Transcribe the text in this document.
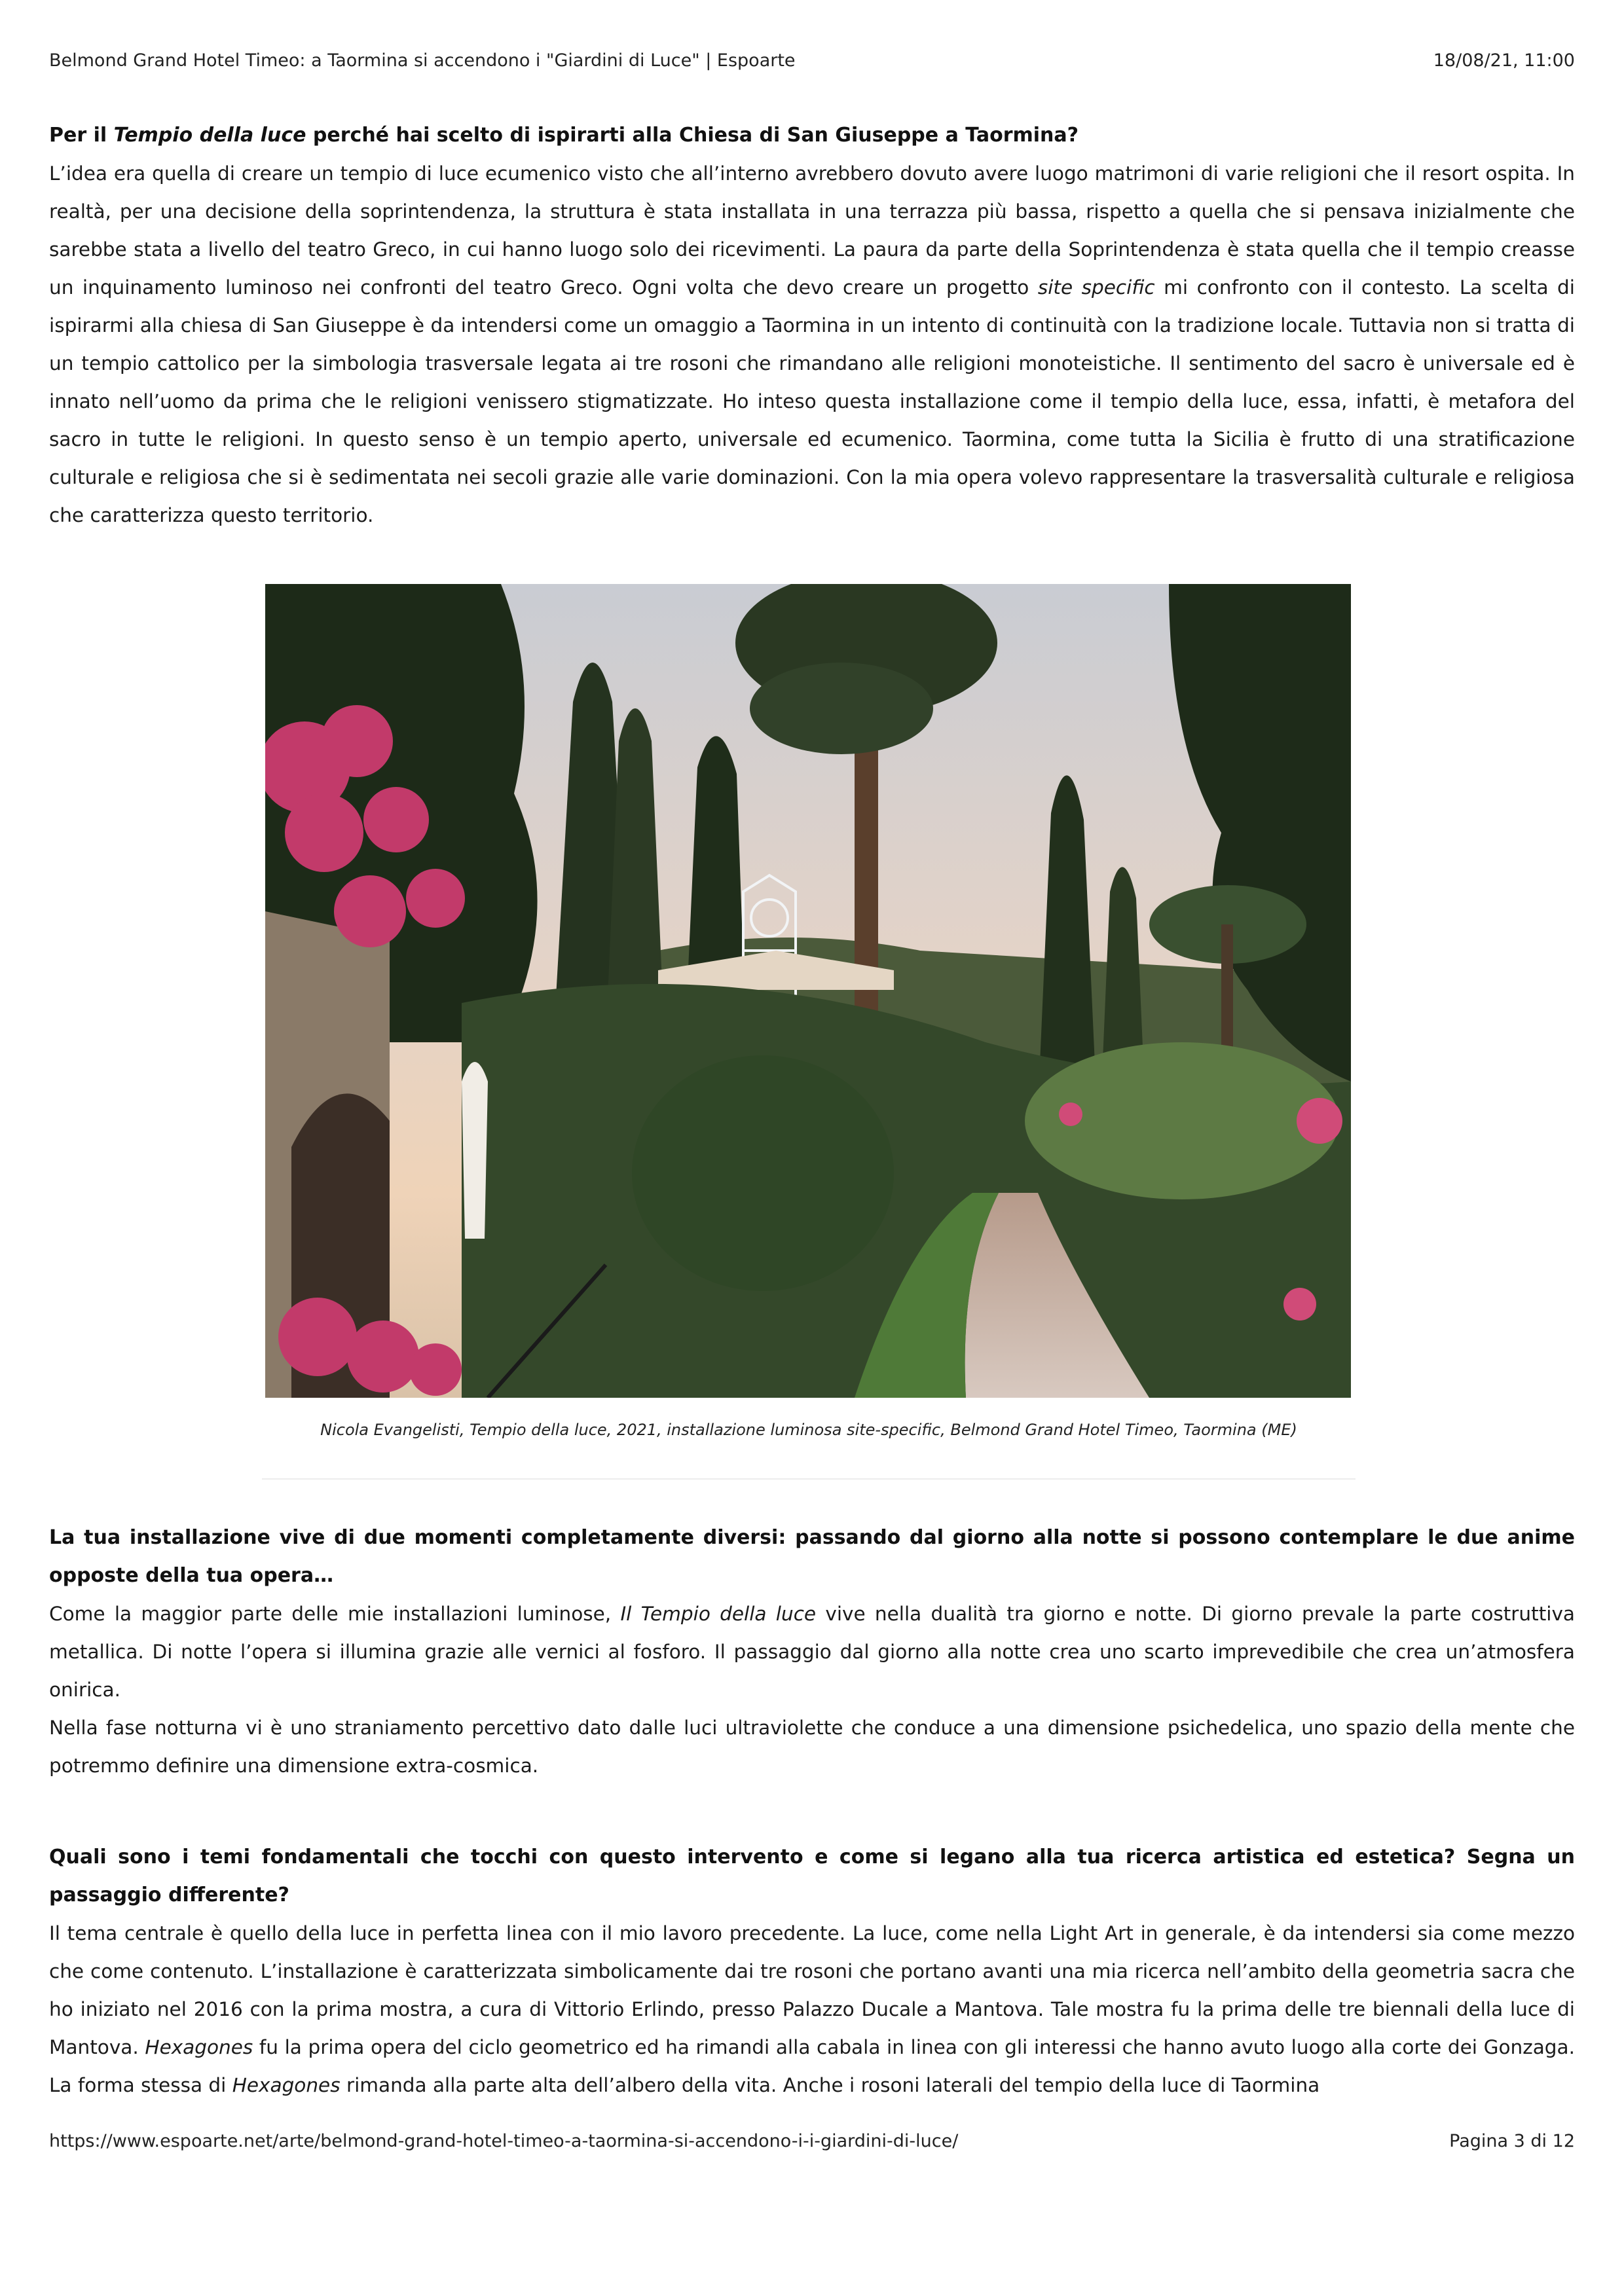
Belmond Grand Hotel Timeo: a Taormina si accendono i "Giardini di Luce" | Espoarte	18/08/21, 11:00

Per il Tempio della luce perché hai scelto di ispirarti alla Chiesa di San Giuseppe a Taormina?

L’idea era quella di creare un tempio di luce ecumenico visto che all’interno avrebbero dovuto avere luogo matrimoni di varie religioni che il resort ospita. In realtà, per una decisione della soprintendenza, la struttura è stata installata in una terrazza più bassa, rispetto a quella che si pensava inizialmente che sarebbe stata a livello del teatro Greco, in cui hanno luogo solo dei ricevimenti. La paura da parte della Soprintendenza è stata quella che il tempio creasse un inquinamento luminoso nei confronti del teatro Greco. Ogni volta che devo creare un progetto site specific mi confronto con il contesto. La scelta di ispirarmi alla chiesa di San Giuseppe è da intendersi come un omaggio a Taormina in un intento di continuità con la tradizione locale. Tuttavia non si tratta di un tempio cattolico per la simbologia trasversale legata ai tre rosoni che rimandano alle religioni monoteistiche. Il sentimento del sacro è universale ed è innato nell’uomo da prima che le religioni venissero stigmatizzate. Ho inteso questa installazione come il tempio della luce, essa, infatti, è metafora del sacro in tutte le religioni. In questo senso è un tempio aperto, universale ed ecumenico. Taormina, come tutta la Sicilia è frutto di una stratificazione culturale e religiosa che si è sedimentata nei secoli grazie alle varie dominazioni. Con la mia opera volevo rappresentare la trasversalità culturale e religiosa che caratterizza questo territorio.

Nicola Evangelisti, Tempio della luce, 2021, installazione luminosa site-specific, Belmond Grand Hotel Timeo, Taormina (ME)

La tua installazione vive di due momenti completamente diversi: passando dal giorno alla notte si possono contemplare le due anime opposte della tua opera…

Come la maggior parte delle mie installazioni luminose, Il Tempio della luce vive nella dualità tra giorno e notte. Di giorno prevale la parte costruttiva metallica. Di notte l’opera si illumina grazie alle vernici al fosforo. Il passaggio dal giorno alla notte crea uno scarto imprevedibile che crea un’atmosfera onirica.

Nella fase notturna vi è uno straniamento percettivo dato dalle luci ultraviolette che conduce a una dimensione psichedelica, uno spazio della mente che potremmo definire una dimensione extra-cosmica.

Quali sono i temi fondamentali che tocchi con questo intervento e come si legano alla tua ricerca artistica ed estetica? Segna un passaggio differente?

Il tema centrale è quello della luce in perfetta linea con il mio lavoro precedente. La luce, come nella Light Art in generale, è da intendersi sia come mezzo che come contenuto. L’installazione è caratterizzata simbolicamente dai tre rosoni che portano avanti una mia ricerca nell’ambito della geometria sacra che ho iniziato nel 2016 con la prima mostra, a cura di Vittorio Erlindo, presso Palazzo Ducale a Mantova. Tale mostra fu la prima delle tre biennali della luce di Mantova. Hexagones fu la prima opera del ciclo geometrico ed ha rimandi alla cabala in linea con gli interessi che hanno avuto luogo alla corte dei Gonzaga. La forma stessa di Hexagones rimanda alla parte alta dell’albero della vita. Anche i rosoni laterali del tempio della luce di Taormina

https://www.espoarte.net/arte/belmond-grand-hotel-timeo-a-taormina-si-accendono-i-i-giardini-di-luce/	Pagina 3 di 12
